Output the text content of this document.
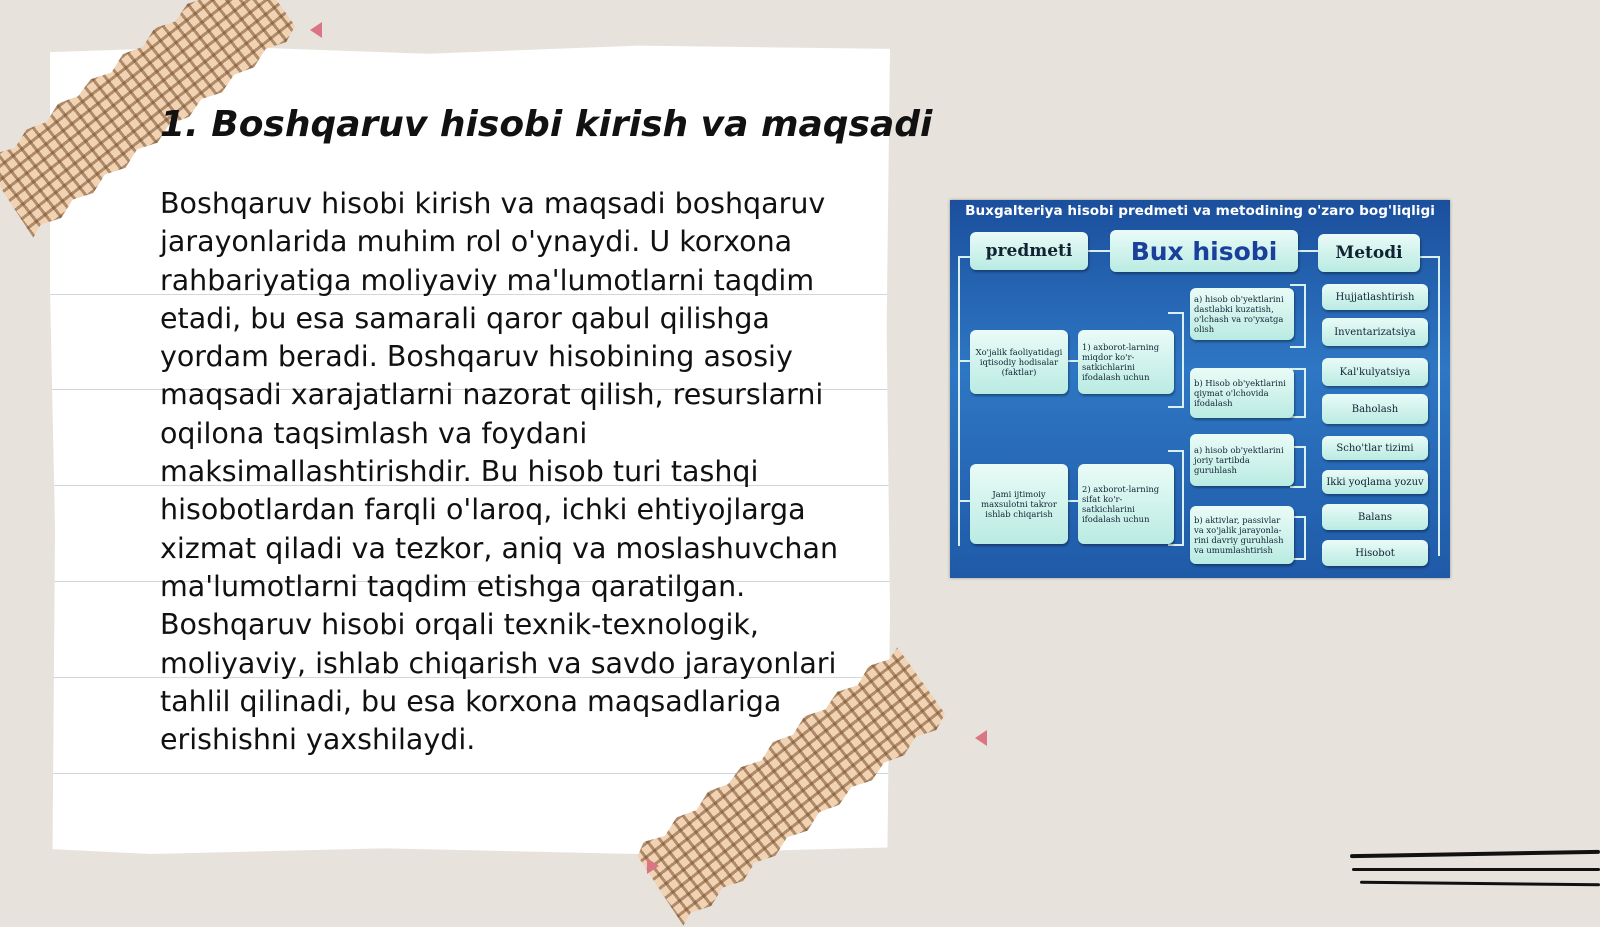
1. Boshqaruv hisobi kirish va maqsadi

Boshqaruv hisobi kirish va maqsadi boshqaruv jarayonlarida muhim rol o'ynaydi. U korxona rahbariyatiga moliyaviy ma'lumotlarni taqdim etadi, bu esa samarali qaror qabul qilishga yordam beradi. Boshqaruv hisobining asosiy maqsadi xarajatlarni nazorat qilish, resurslarni oqilona taqsimlash va foydani maksimallashtirishdir. Bu hisob turi tashqi hisobotlardan farqli o'laroq, ichki ehtiyojlarga xizmat qiladi va tezkor, aniq va moslashuvchan ma'lumotlarni taqdim etishga qaratilgan. Boshqaruv hisobi orqali texnik-texnologik, moliyaviy, ishlab chiqarish va savdo jarayonlari tahlil qilinadi, bu esa korxona maqsadlariga erishishni yaxshilaydi.

Buxgalteriya hisobi predmeti va metodining o'zaro bog'liqligi
predmeti	Bux hisobi	Metodi
Xo'jalik faoliyatidagi iqtisodiy hodisalar (faktlar)
Jami ijtimoiy maxsulotni takror ishlab chiqarish
1) axborot-larning miqdor ko'r-satkichlarini ifodalash uchun
2) axborot-larning sifat ko'r-satkichlarini ifodalash uchun
a) hisob ob'yektlarini dastlabki kuzatish, o'lchash va ro'yxatga olish
b) Hisob ob'yektlarini qiymat o'lchovida ifodalash
a) hisob ob'yektlarini joriy tartibda guruhlash
b) aktivlar, passivlar va xo'jalik jarayonla-rini davriy guruhlash va umumlashtirish
Hujjatlashtirish
Inventarizatsiya
Kal'kulyatsiya
Baholash
Scho'tlar tizimi
Ikki yoqlama yozuv
Balans
Hisobot
